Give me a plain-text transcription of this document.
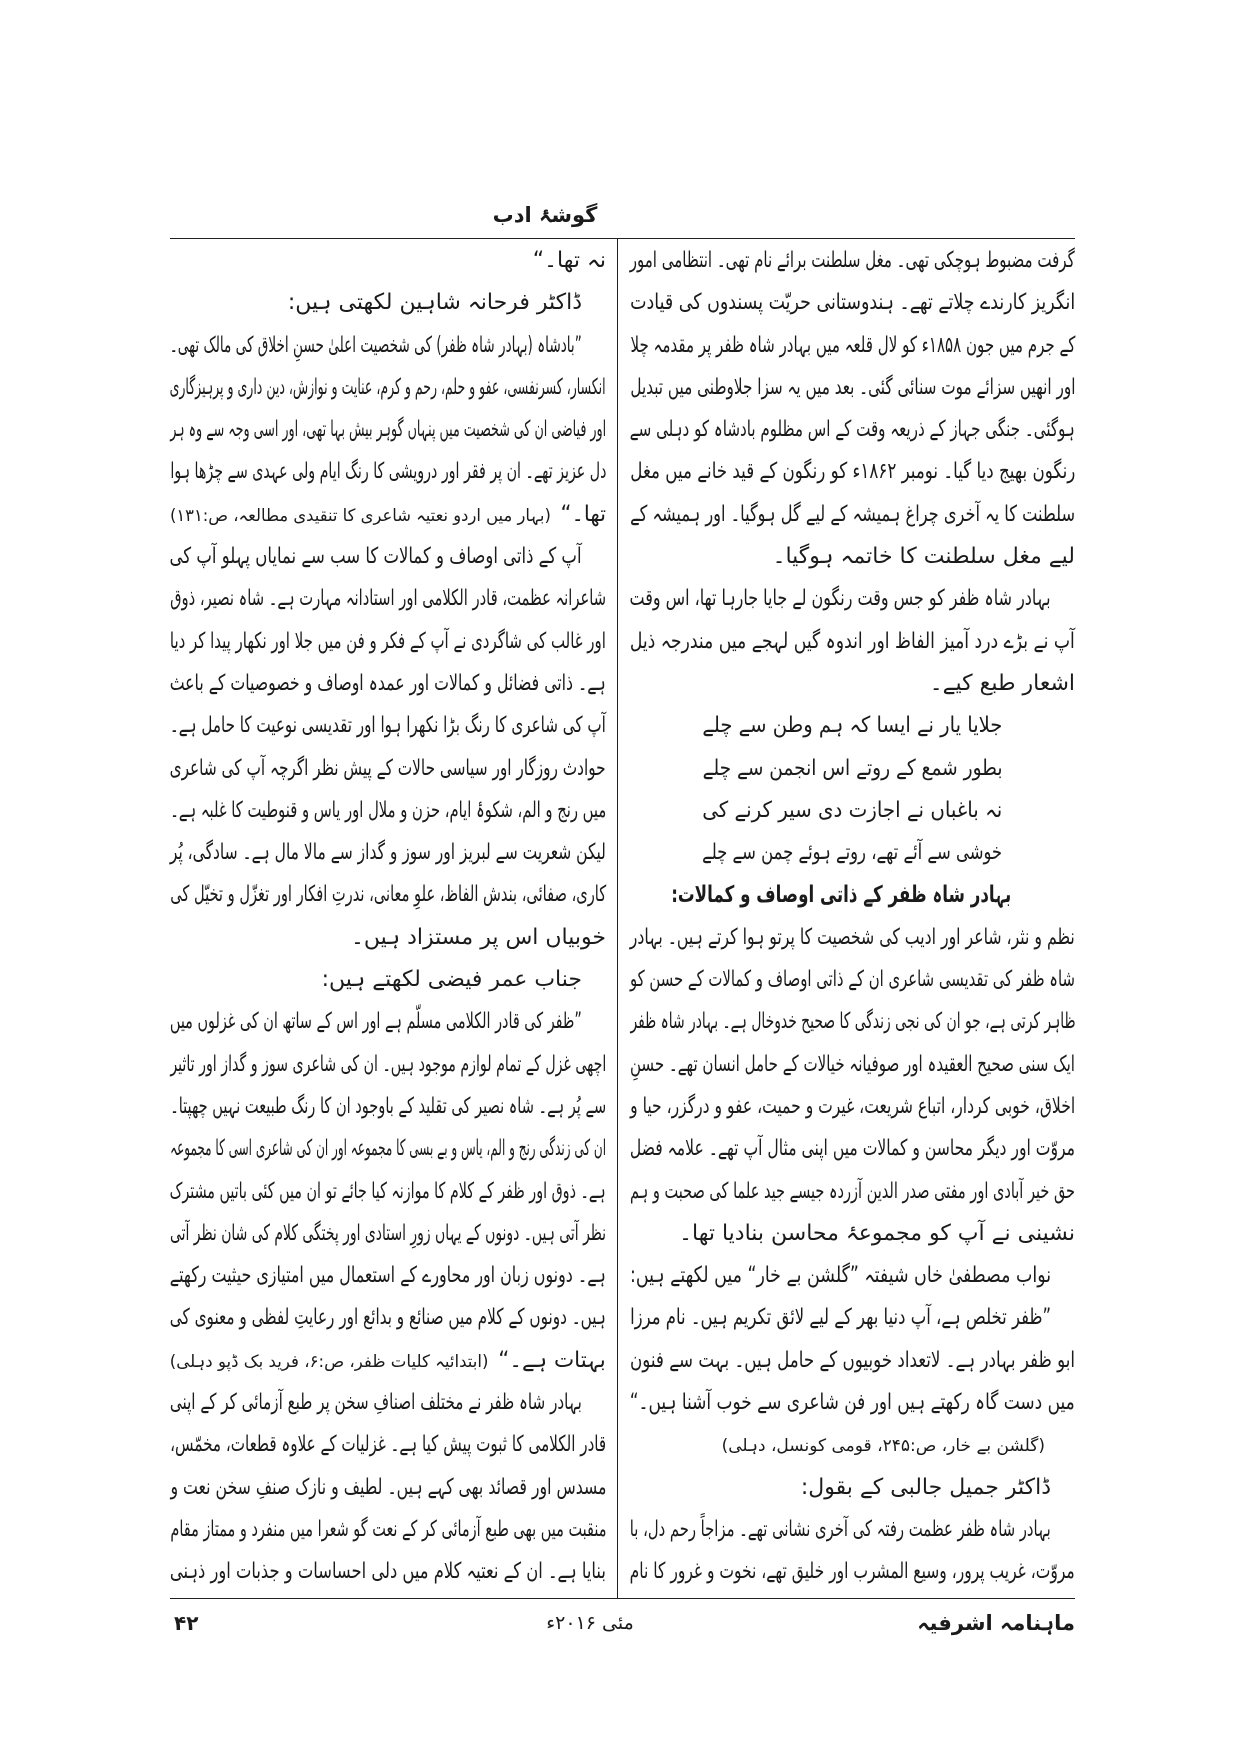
گوشۂ ادب
گرفت مضبوط ہوچکی تھی۔ مغل سلطنت برائے نام تھی۔ انتظامی امور
انگریز کارندے چلاتے تھے۔ ہندوستانی حریّت پسندوں کی قیادت
کے جرم میں جون ۱۸۵۸ء کو لال قلعہ میں بہادر شاہ ظفر پر مقدمہ چلا
اور انھیں سزائے موت سنائی گئی۔ بعد میں یہ سزا جلاوطنی میں تبدیل
ہوگئی۔ جنگی جہاز کے ذریعہ وقت کے اس مظلوم بادشاہ کو دہلی سے
رنگون بھیج دیا گیا۔ نومبر ۱۸۶۲ء کو رنگون کے قید خانے میں مغل
سلطنت کا یہ آخری چراغ ہمیشہ کے لیے گل ہوگیا۔ اور ہمیشہ کے
لیے مغل سلطنت کا خاتمہ ہوگیا۔
بہادر شاہ ظفر کو جس وقت رنگون لے جایا جارہا تھا، اس وقت
آپ نے بڑے درد آمیز الفاظ اور اندوہ گیں لہجے میں مندرجہ ذیل
اشعار طبع کیے۔
جلایا یار نے ایسا کہ ہم وطن سے چلے
بطور شمع کے روتے اس انجمن سے چلے
نہ باغباں نے اجازت دی سیر کرنے کی
خوشی سے آئے تھے، روتے ہوئے چمن سے چلے
بہادر شاہ ظفر کے ذاتی اوصاف و کمالات:
نظم و نثر، شاعر اور ادیب کی شخصیت کا پرتو ہوا کرتے ہیں۔ بہادر
شاہ ظفر کی تقدیسی شاعری ان کے ذاتی اوصاف و کمالات کے حسن کو
ظاہر کرتی ہے، جو ان کی نجی زندگی کا صحیح خدوخال ہے۔ بہادر شاہ ظفر
ایک سنی صحیح العقیدہ اور صوفیانہ خیالات کے حامل انسان تھے۔ حسنِ
اخلاق، خوبی کردار، اتباع شریعت، غیرت و حمیت، عفو و درگزر، حیا و
مروّت اور دیگر محاسن و کمالات میں اپنی مثال آپ تھے۔ علامہ فضل
حق خیر آبادی اور مفتی صدر الدین آزردہ جیسے جید علما کی صحبت و ہم
نشینی نے آپ کو مجموعۂ محاسن بنادیا تھا۔
نواب مصطفیٰ خاں شیفتہ ”گلشن بے خار“ میں لکھتے ہیں:
”ظفر تخلص ہے، آپ دنیا بھر کے لیے لائق تکریم ہیں۔ نام مرزا
ابو ظفر بہادر ہے۔ لاتعداد خوبیوں کے حامل ہیں۔ بہت سے فنون
میں دست گاہ رکھتے ہیں اور فن شاعری سے خوب آشنا ہیں۔“
(گلشن بے خار، ص:۲۴۵، قومی کونسل، دہلی)
ڈاکٹر جمیل جالبی کے بقول:
بہادر شاہ ظفر عظمت رفتہ کی آخری نشانی تھے۔ مزاجاً رحم دل، با
مروّت، غریب پرور، وسیع المشرب اور خلیق تھے، نخوت و غرور کا نام
نہ تھا۔“
ڈاکٹر فرحانہ شاہین لکھتی ہیں:
”بادشاہ (بہادر شاہ ظفر) کی شخصیت اعلیٰ حسنِ اخلاق کی مالک تھی۔
انکسار، کسرنفسی، عفو و حلم، رحم و کرم، عنایت و نوازش، دین داری و پرہیزگاری
اور فیاضی ان کی شخصیت میں پنہاں گوہر بیش بہا تھی، اور اسی وجہ سے وہ ہر
دل عزیز تھے۔ ان پر فقر اور درویشی کا رنگ ایام ولی عہدی سے چڑھا ہوا
تھا۔“(بہار میں اردو نعتیہ شاعری کا تنقیدی مطالعہ، ص:۱۳۱)
آپ کے ذاتی اوصاف و کمالات کا سب سے نمایاں پہلو آپ کی
شاعرانہ عظمت، قادر الکلامی اور استادانہ مہارت ہے۔ شاہ نصیر، ذوق
اور غالب کی شاگردی نے آپ کے فکر و فن میں جلا اور نکھار پیدا کر دیا
ہے۔ ذاتی فضائل و کمالات اور عمدہ اوصاف و خصوصیات کے باعث
آپ کی شاعری کا رنگ بڑا نکھرا ہوا اور تقدیسی نوعیت کا حامل ہے۔
حوادث روزگار اور سیاسی حالات کے پیش نظر اگرچہ آپ کی شاعری
میں رنج و الم، شکوۂ ایام، حزن و ملال اور یاس و قنوطیت کا غلبہ ہے۔
لیکن شعریت سے لبریز اور سوز و گداز سے مالا مال ہے۔ سادگی، پُر
کاری، صفائی، بندش الفاظ، علوِ معانی، ندرتِ افکار اور تغزّل و تخیّل کی
خوبیاں اس پر مستزاد ہیں۔
جناب عمر فیضی لکھتے ہیں:
”ظفر کی قادر الکلامی مسلّم ہے اور اس کے ساتھ ان کی غزلوں میں
اچھی غزل کے تمام لوازم موجود ہیں۔ ان کی شاعری سوز و گداز اور تاثیر
سے پُر ہے۔ شاہ نصیر کی تقلید کے باوجود ان کا رنگ طبیعت نہیں چھپتا۔
ان کی زندگی رنج و الم، یاس و بے بسی کا مجموعہ اور ان کی شاعری اسی کا مجموعہ
ہے۔ ذوق اور ظفر کے کلام کا موازنہ کیا جائے تو ان میں کئی باتیں مشترک
نظر آتی ہیں۔ دونوں کے یہاں زورِ استادی اور پختگی کلام کی شان نظر آتی
ہے۔ دونوں زبان اور محاورے کے استعمال میں امتیازی حیثیت رکھتے
ہیں۔ دونوں کے کلام میں صنائع و بدائع اور رعایتِ لفظی و معنوی کی
بہتات ہے۔“(ابتدائیہ کلیات ظفر، ص:۶، فرید بک ڈپو دہلی)
بہادر شاہ ظفر نے مختلف اصنافِ سخن پر طبع آزمائی کر کے اپنی
قادر الکلامی کا ثبوت پیش کیا ہے۔ غزلیات کے علاوہ قطعات، مخمّس،
مسدس اور قصائد بھی کہے ہیں۔ لطیف و نازک صنفِ سخن نعت و
منقبت میں بھی طبع آزمائی کر کے نعت گو شعرا میں منفرد و ممتاز مقام
بنایا ہے۔ ان کے نعتیہ کلام میں دلی احساسات و جذبات اور ذہنی
ماہنامہ اشرفیہ
مئی ۲۰۱۶ء
۴۲
